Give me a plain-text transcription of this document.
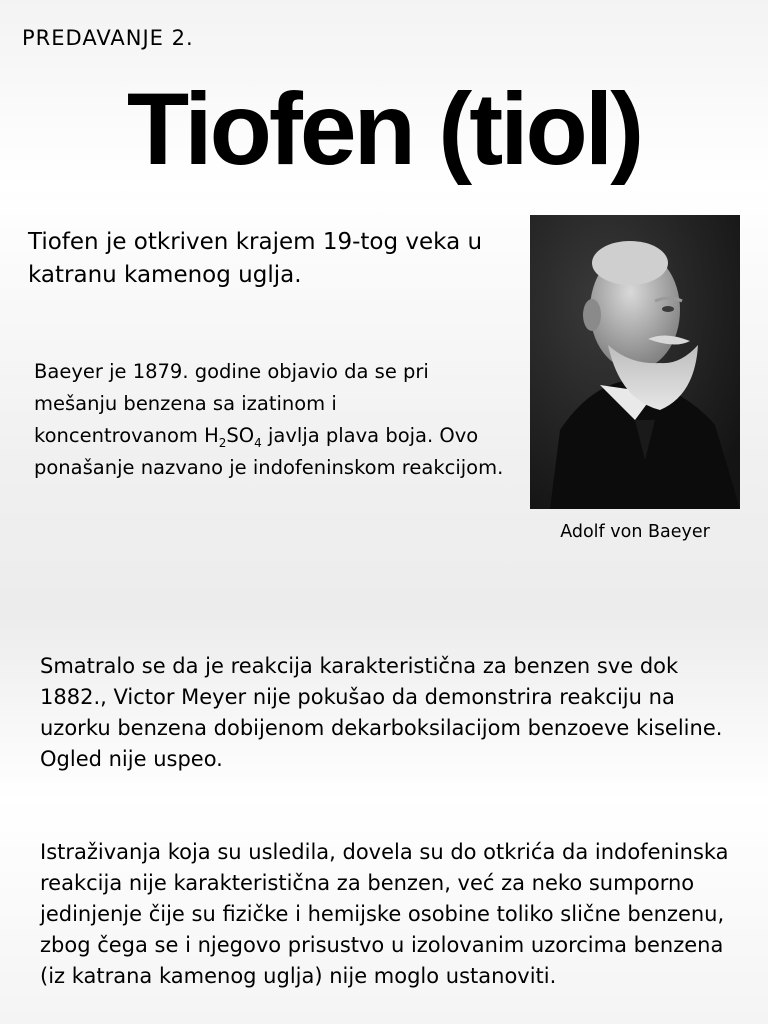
PREDAVANJE 2.
Tiofen (tiol)

Tiofen je otkriven krajem 19-tog veka u katranu kamenog uglja.

Baeyer je 1879. godine objavio da se pri mešanju benzena sa izatinom i koncentrovanom $H_2SO_4$ javlja plava boja. Ovo ponašanje nazvano je indofeninskom reakcijom.

Adolf von Baeyer

Smatralo se da je reakcija karakteristična za benzen sve dok 1882., Victor Meyer nije pokušao da demonstrira reakciju na uzorku benzena dobijenom dekarboksilacijom benzoeve kiseline. Ogled nije uspeo.

Istraživanja koja su usledila, dovela su do otkrića da indofeninska reakcija nije karakteristična za benzen, već za neko sumporno jedinjenje čije su fizičke i hemijske osobine toliko slične benzenu, zbog čega se i njegovo prisustvo u izolovanim uzorcima benzena (iz katrana kamenog uglja) nije moglo ustanoviti.
